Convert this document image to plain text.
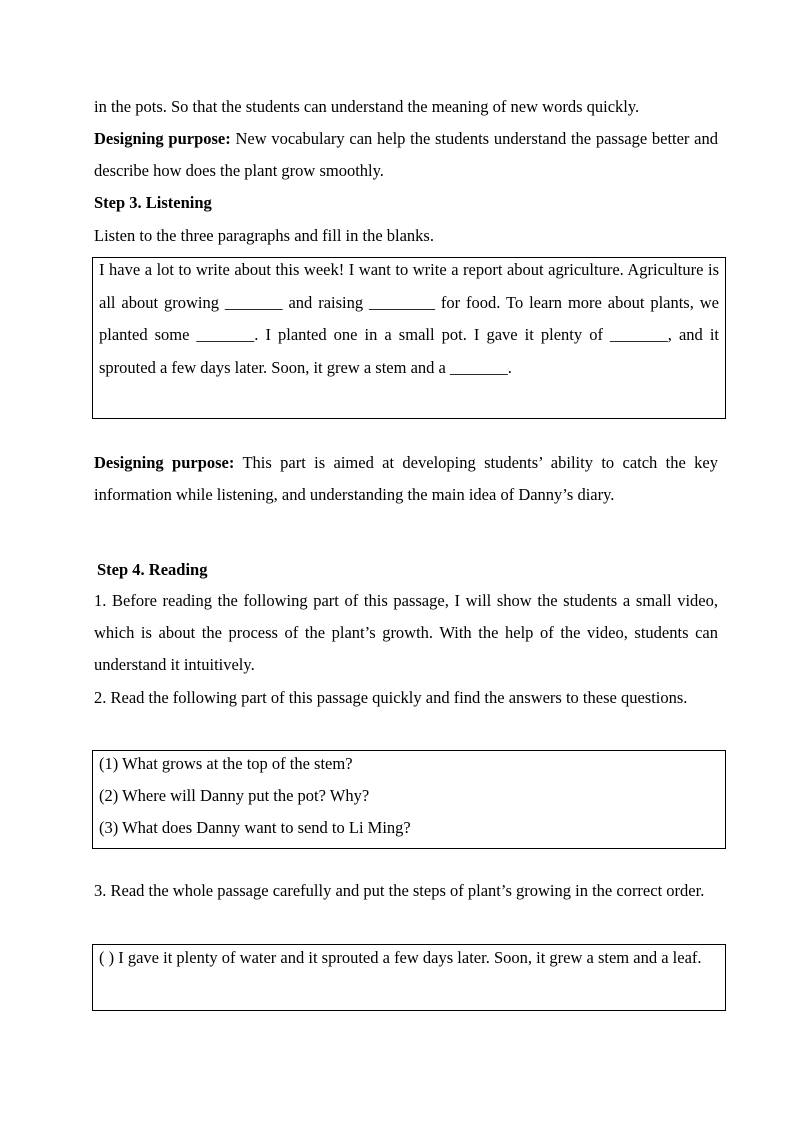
in the pots. So that the students can understand the meaning of new words quickly.
Designing purpose: New vocabulary can help the students understand the passage better and describe how does the plant grow smoothly.
Step 3. Listening
Listen to the three paragraphs and fill in the blanks.
I have a lot to write about this week! I want to write a report about agriculture. Agriculture is all about growing _______ and raising ________ for food. To learn more about plants, we planted some _______. I planted one in a small pot. I gave it plenty of _______, and it sprouted a few days later. Soon, it grew a stem and a _______.
Designing purpose: This part is aimed at developing students’ ability to catch the key information while listening, and understanding the main idea of Danny’s diary.
Step 4. Reading
1. Before reading the following part of this passage, I will show the students a small video, which is about the process of the plant’s growth. With the help of the video, students can understand it intuitively.
2. Read the following part of this passage quickly and find the answers to these questions.
(1) What grows at the top of the stem?
(2) Where will Danny put the pot? Why?
(3) What does Danny want to send to Li Ming?
3. Read the whole passage carefully and put the steps of plant’s growing in the correct order.
( ) I gave it plenty of water and it sprouted a few days later. Soon, it grew a stem and a leaf.
